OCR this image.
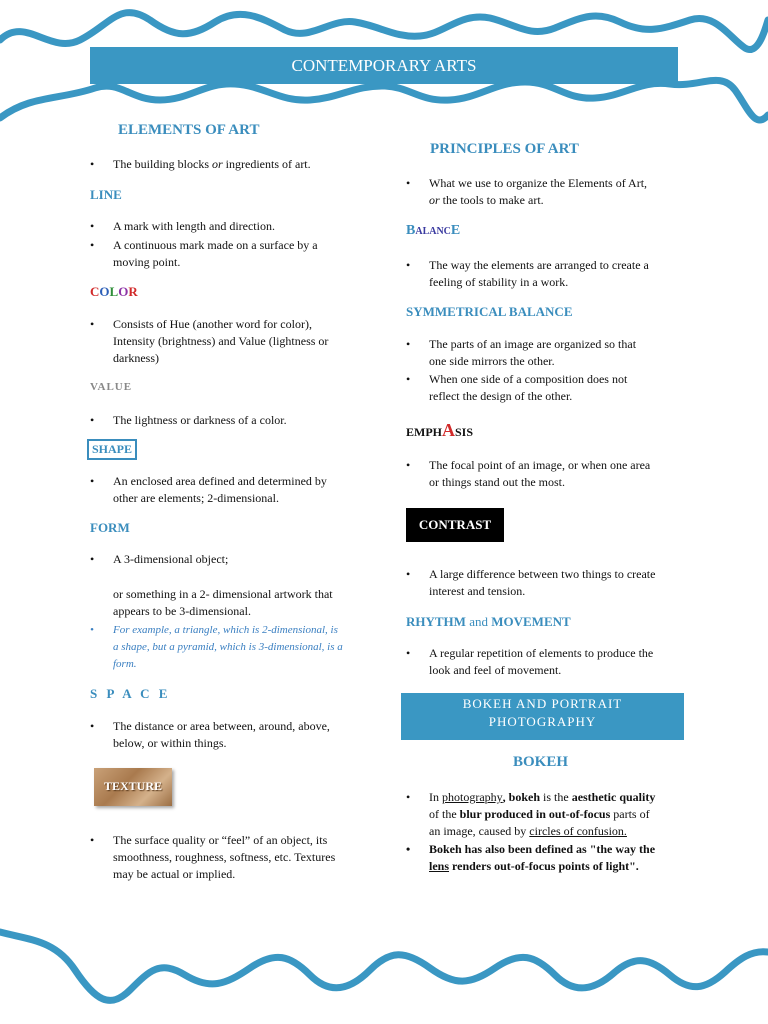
CONTEMPORARY ARTS
ELEMENTS OF ART
• The building blocks or ingredients of art.
LINE
• A mark with length and direction.
• A continuous mark made on a surface by a
moving point.
COLOR
• Consists of Hue (another word for color),
Intensity (brightness) and Value (lightness or
darkness)
VALUE
• The lightness or darkness of a color.
SHAPE
• An enclosed area defined and determined by
other are elements; 2-dimensional.
FORM
• A 3-dimensional object;
or something in a 2- dimensional artwork that
appears to be 3-dimensional.
• For example, a triangle, which is 2-dimensional, is
a shape, but a pyramid, which is 3-dimensional, is a
form.
S P A C E
• The distance or area between, around, above,
below, or within things.
TEXTURE
• The surface quality or “feel” of an object, its
smoothness, roughness, softness, etc. Textures
may be actual or implied.
PRINCIPLES OF ART
• What we use to organize the Elements of Art,
or the tools to make art.
BALANCE
• The way the elements are arranged to create a
feeling of stability in a work.
SYMMETRICAL BALANCE
• The parts of an image are organized so that
one side mirrors the other.
• When one side of a composition does not
reflect the design of the other.
EMPHASIS
• The focal point of an image, or when one area
or things stand out the most.
CONTRAST
• A large difference between two things to create
interest and tension.
RHYTHM and MOVEMENT
• A regular repetition of elements to produce the
look and feel of movement.
BOKEH AND PORTRAIT
PHOTOGRAPHY
BOKEH
• In photography, bokeh is the aesthetic quality
of the blur produced in out-of-focus parts of
an image, caused by circles of confusion.
• Bokeh has also been defined as "the way the
lens renders out-of-focus points of light".
